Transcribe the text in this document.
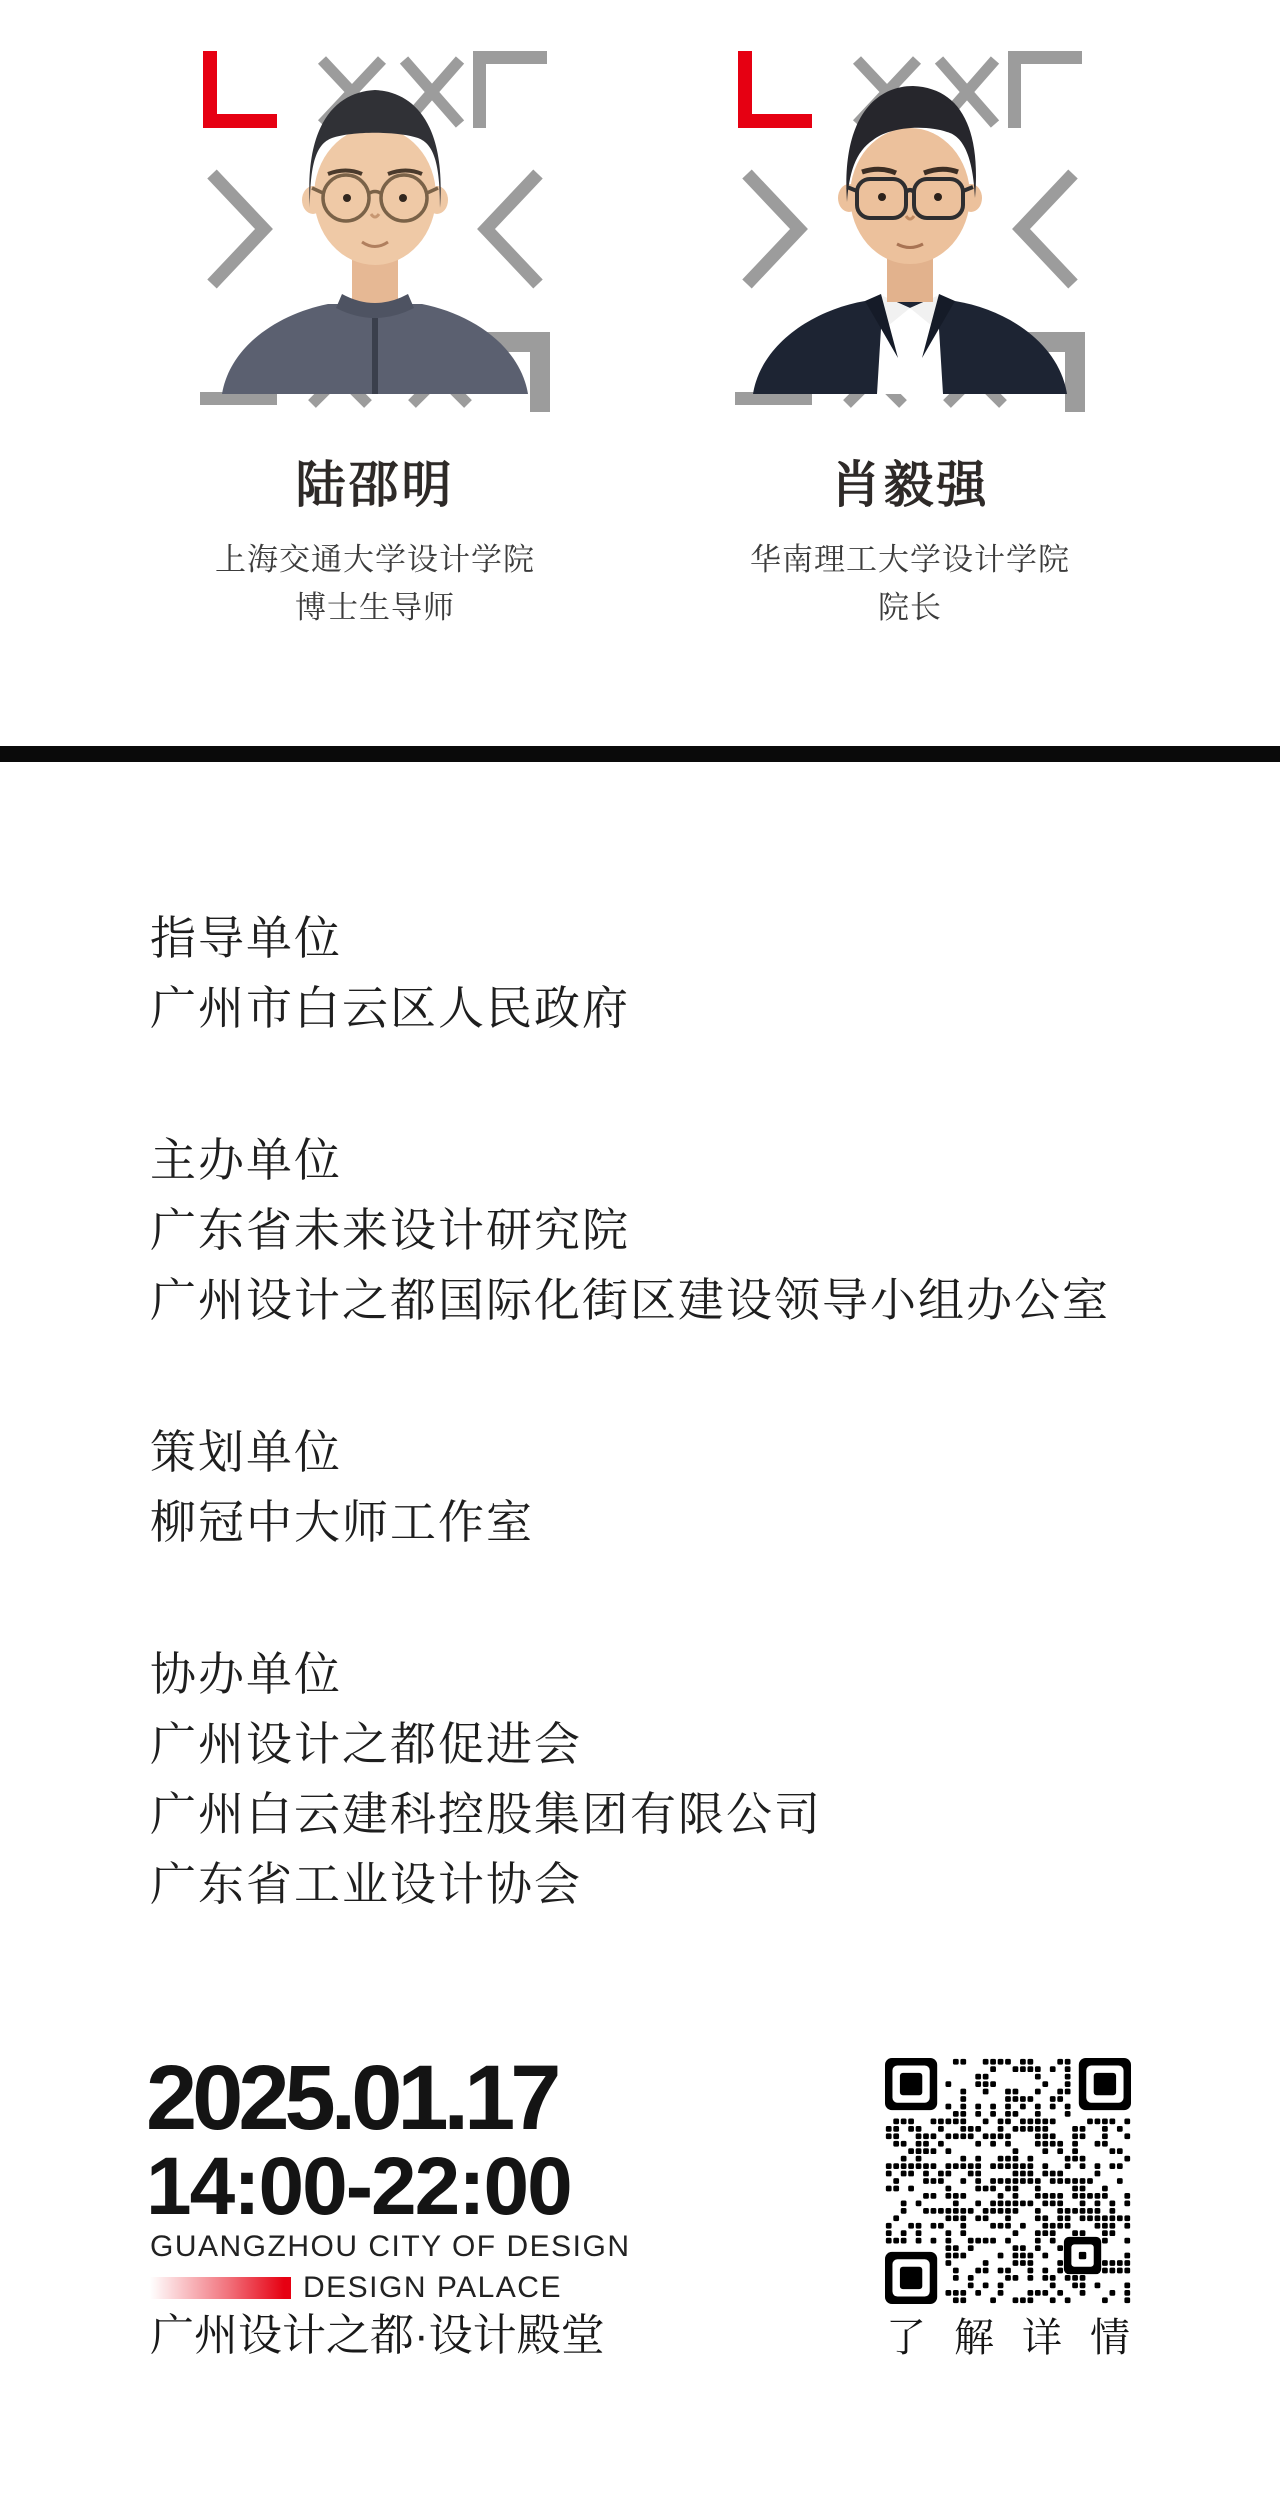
陆邵明
上海交通大学设计学院
博士生导师
肖毅强
华南理工大学设计学院
院长
指导单位
广州市白云区人民政府
主办单位
广东省未来设计研究院
广州设计之都国际化街区建设领导小组办公室
策划单位
柳冠中大师工作室
协办单位
广州设计之都促进会
广州白云建科控股集团有限公司
广东省工业设计协会
2025.01.17
14:00-22:00
GUANGZHOU CITY OF DESIGN
DESIGN PALACE
广州设计之都·设计殿堂	了解详情
